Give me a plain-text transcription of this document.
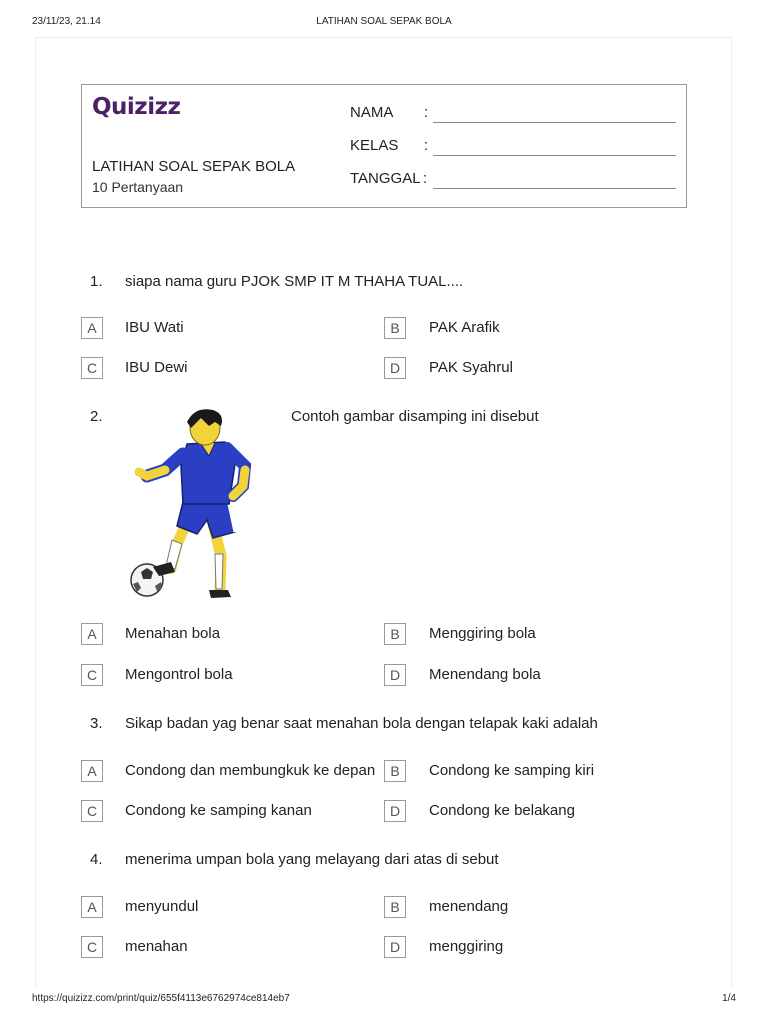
23/11/23, 21.14	LATIHAN SOAL SEPAK BOLA
Quizizz
LATIHAN SOAL SEPAK BOLA
10 Pertanyaan
NAMA :
KELAS :
TANGGAL :
1. siapa nama guru PJOK SMP IT M THAHA TUAL....
A	IBU Wati	B	PAK Arafik
C	IBU Dewi	D	PAK Syahrul
2.	Contoh gambar disamping ini disebut
A	Menahan bola	B	Menggiring bola
C	Mengontrol bola	D	Menendang bola
3. Sikap badan yag benar saat menahan bola dengan telapak kaki adalah
A	Condong dan membungkuk ke depan	B	Condong ke samping kiri
C	Condong ke samping kanan	D	Condong ke belakang
4. menerima umpan bola yang melayang dari atas di sebut
A	menyundul	B	menendang
C	menahan	D	menggiring
https://quizizz.com/print/quiz/655f4113e6762974ce814eb7	1/4
